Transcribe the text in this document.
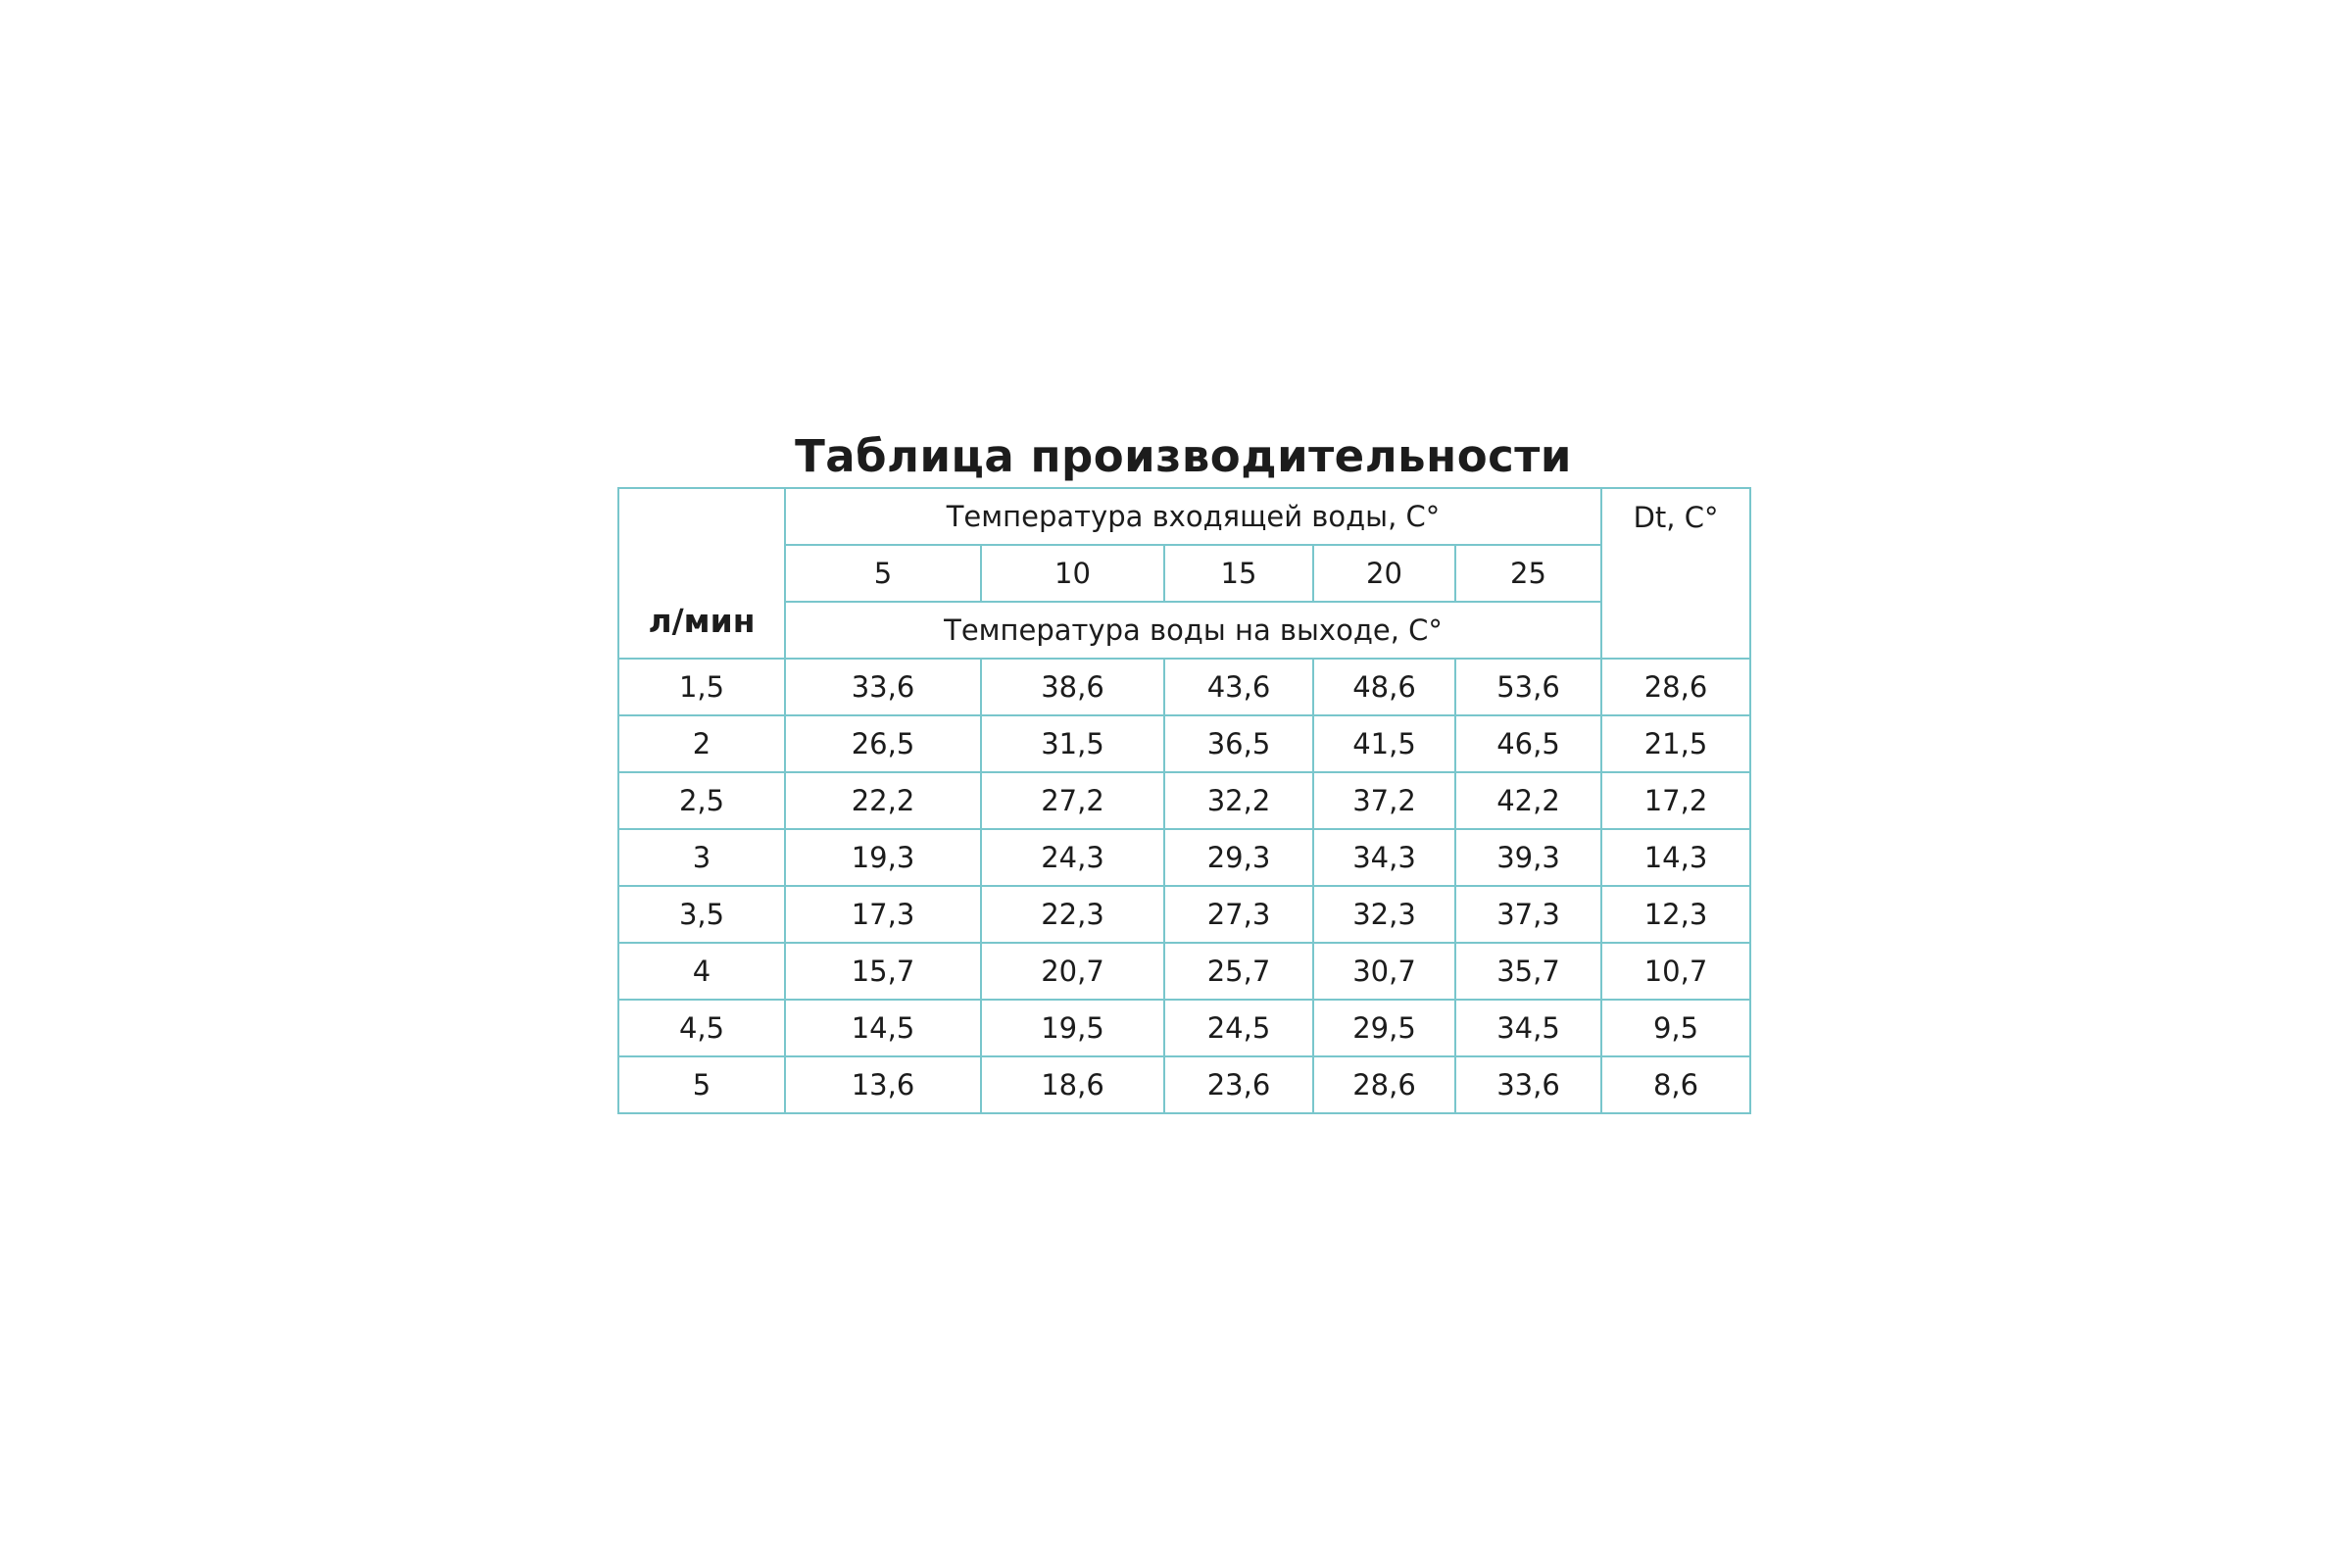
Таблица производительности
л/мин	Температура входящей воды, С°					Dt, С°
	5	10	15	20	25	
	Температура воды на выходе, С°					
1,5	33,6	38,6	43,6	48,6	53,6	28,6
2	26,5	31,5	36,5	41,5	46,5	21,5
2,5	22,2	27,2	32,2	37,2	42,2	17,2
3	19,3	24,3	29,3	34,3	39,3	14,3
3,5	17,3	22,3	27,3	32,3	37,3	12,3
4	15,7	20,7	25,7	30,7	35,7	10,7
4,5	14,5	19,5	24,5	29,5	34,5	9,5
5	13,6	18,6	23,6	28,6	33,6	8,6
